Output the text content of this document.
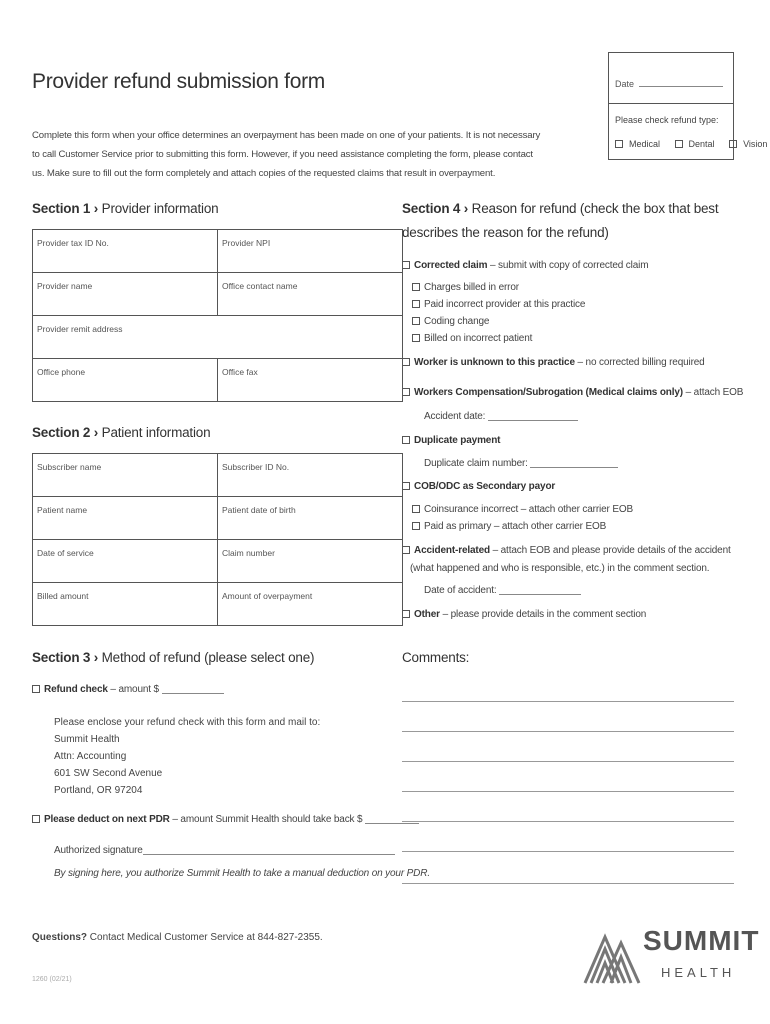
Provider refund submission form
Complete this form when your office determines an overpayment has been made on one of your patients. It is not necessary
to call Customer Service prior to submitting this form. However, if you need assistance completing the form, please contact
us. Make sure to fill out the form completely and attach copies of the requested claims that result in overpayment.
Date
Please check refund type:
Medical	Dental	Vision
Section 1 › Provider information
Provider tax ID No.	Provider NPI
Provider name	Office contact name
Provider remit address	
Office phone	Office fax
Section 2 › Patient information
Subscriber name	Subscriber ID No.
Patient name	Patient date of birth
Date of service	Claim number
Billed amount	Amount of overpayment
Section 3 › Method of refund (please select one)
Refund check – amount $
Please enclose your refund check with this form and mail to:
Summit Health
Attn: Accounting
601 SW Second Avenue
Portland, OR 97204
Please deduct on next PDR – amount Summit Health should take back $
Authorized signature
By signing here, you authorize Summit Health to take a manual deduction on your PDR.
Section 4 › Reason for refund (check the box that best
describes the reason for the refund)
Corrected claim – submit with copy of corrected claim
Charges billed in error
Paid incorrect provider at this practice
Coding change
Billed on incorrect patient
Worker is unknown to this practice – no corrected billing required
Workers Compensation/Subrogation (Medical claims only) – attach EOB
Accident date:
Duplicate payment
Duplicate claim number:
COB/ODC as Secondary payor
Coinsurance incorrect – attach other carrier EOB
Paid as primary – attach other carrier EOB
Accident-related – attach EOB and please provide details of the accident
(what happened and who is responsible, etc.) in the comment section.
Date of accident:
Other – please provide details in the comment section
Comments:
Questions? Contact Medical Customer Service at 844-827-2355.
1260 (02/21)
SUMMIT
HEALTH
